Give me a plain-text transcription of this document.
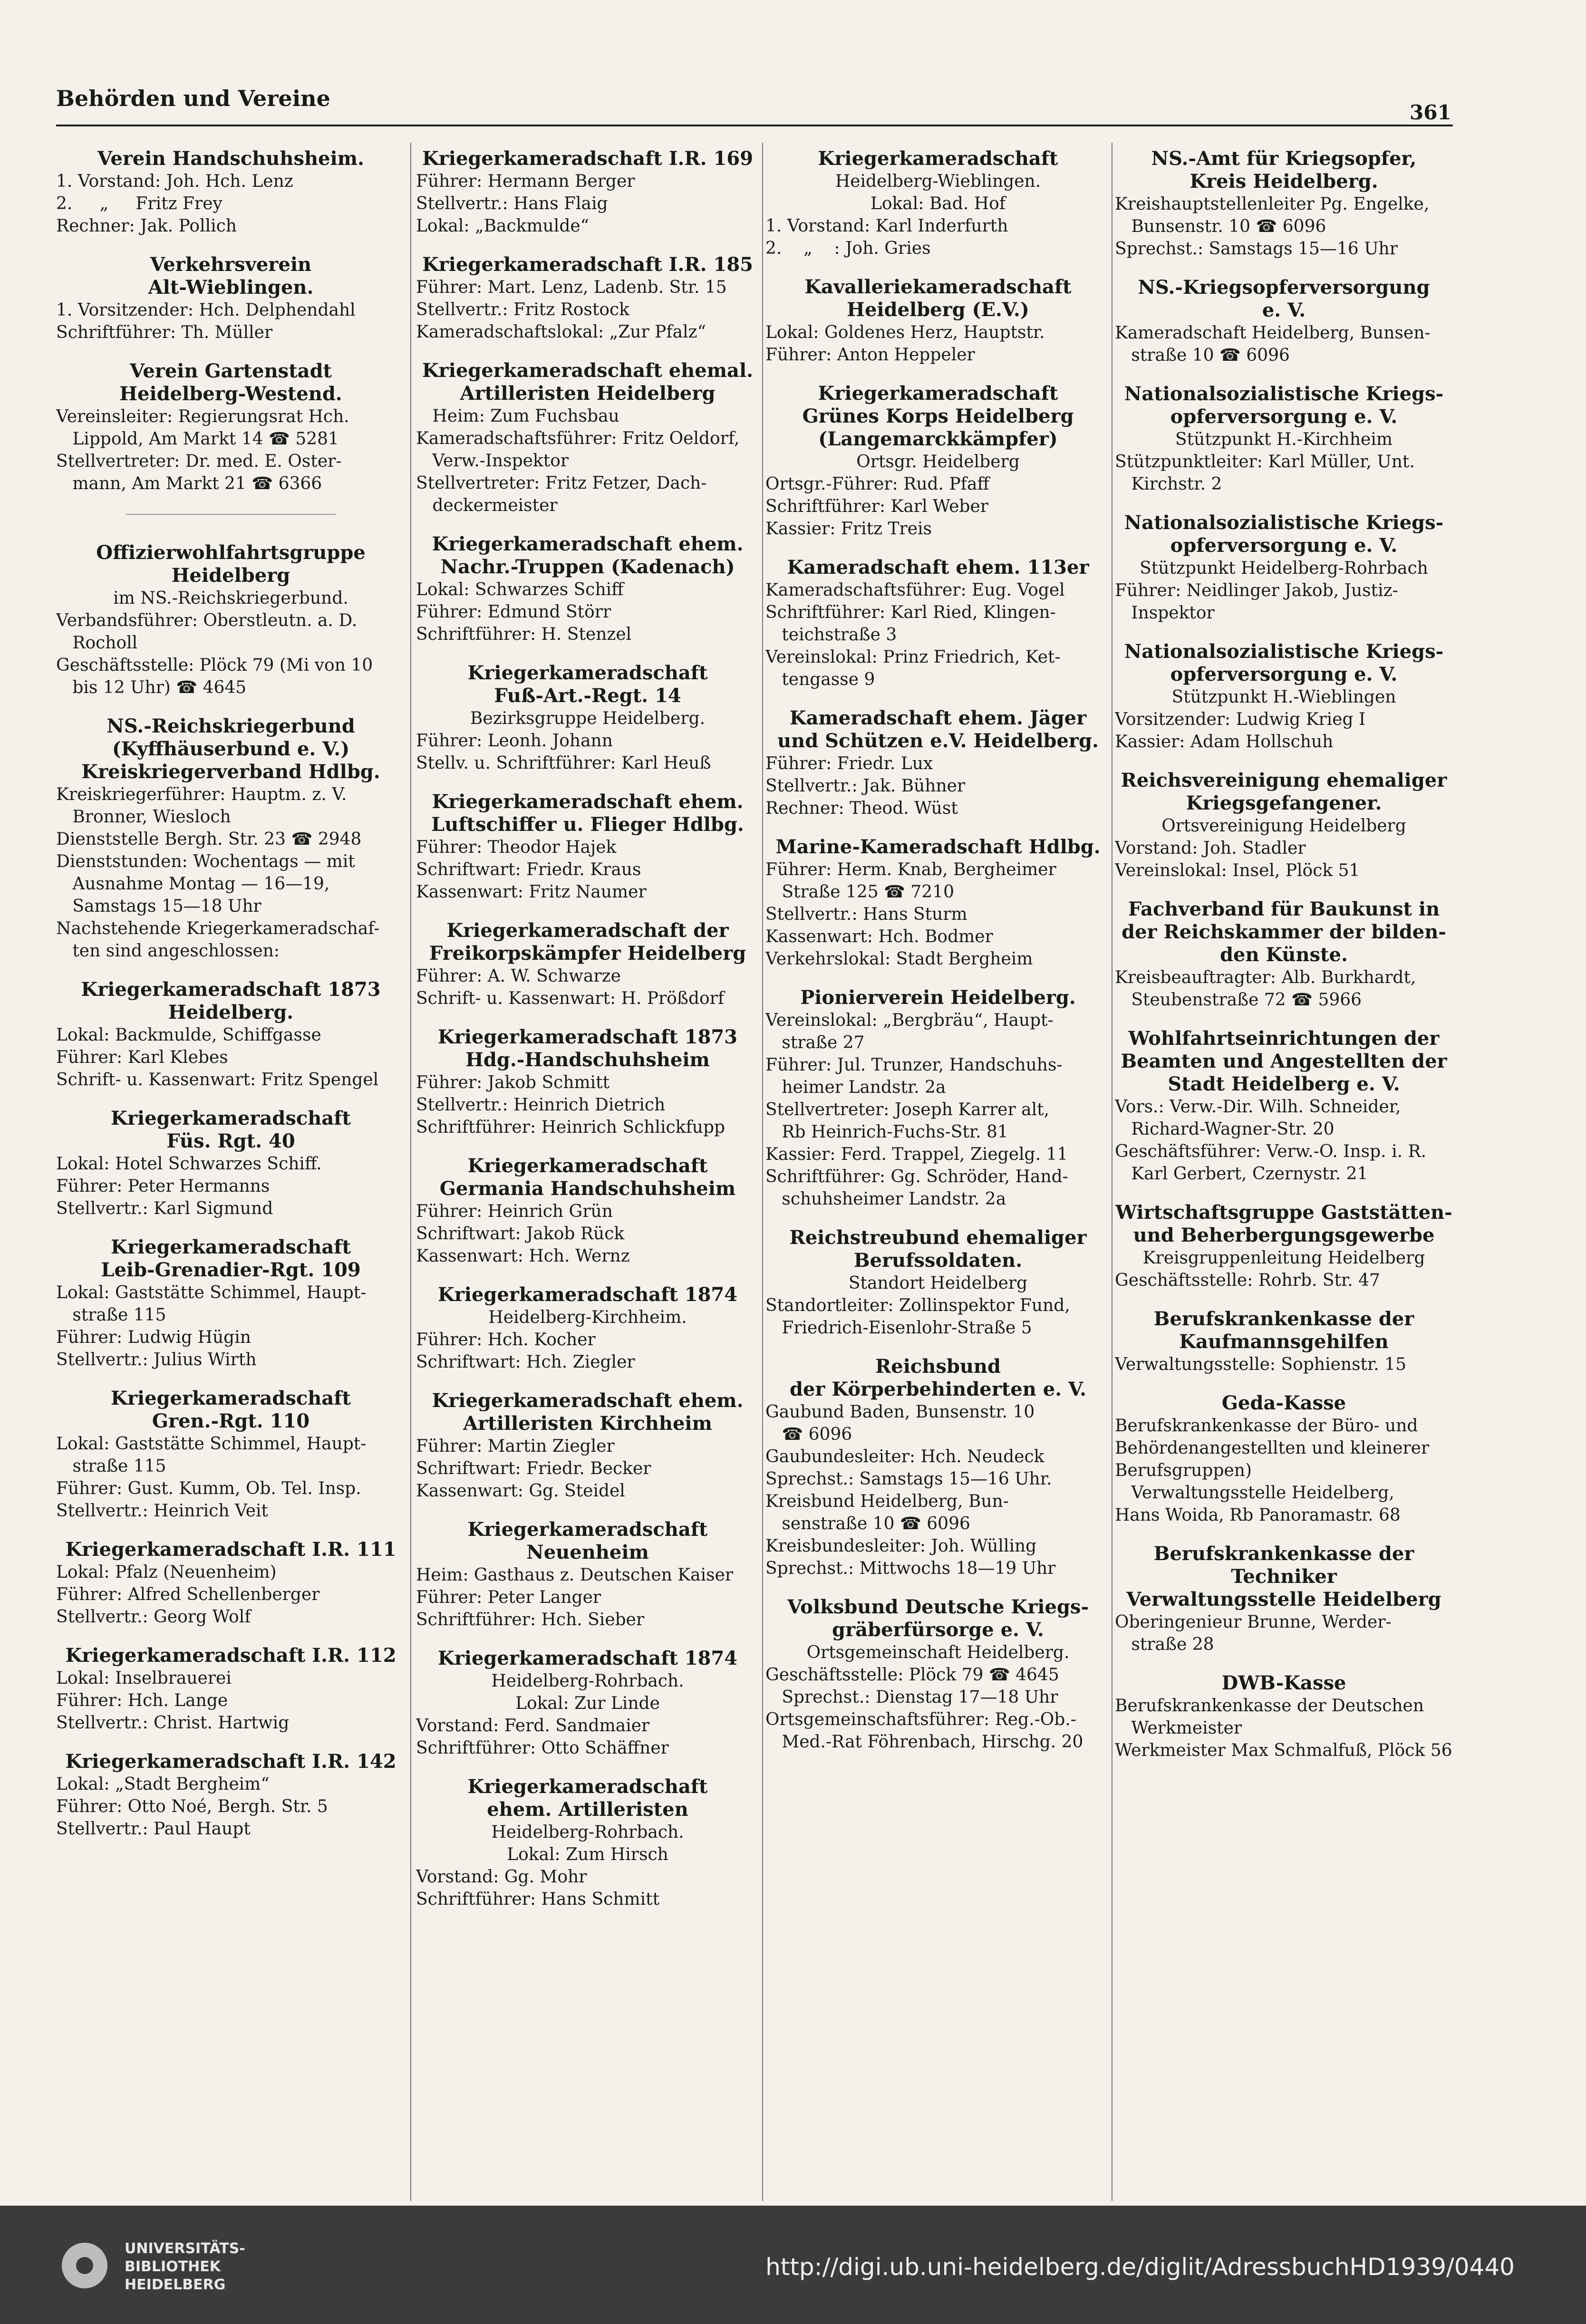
Behörden und Vereine
361
Verein Handschuhsheim.
1. Vorstand: Joh. Hch. Lenz
2.     „     Fritz Frey
Rechner: Jak. Pollich
Verkehrsverein
Alt-Wieblingen.
1. Vorsitzender: Hch. Delphendahl
Schriftführer: Th. Müller
Verein Gartenstadt
Heidelberg-Westend.
Vereinsleiter: Regierungsrat Hch.
Lippold, Am Markt 14 ☎ 5281
Stellvertreter: Dr. med. E. Oster-
mann, Am Markt 21 ☎ 6366
Offizierwohlfahrtsgruppe
Heidelberg
im NS.-Reichskriegerbund.
Verbandsführer: Oberstleutn. a. D.
Rocholl
Geschäftsstelle: Plöck 79 (Mi von 10
bis 12 Uhr) ☎ 4645
NS.-Reichskriegerbund
(Kyffhäuserbund e. V.)
Kreiskriegerverband Hdlbg.
Kreiskriegerführer: Hauptm. z. V.
Bronner, Wiesloch
Dienststelle Bergh. Str. 23 ☎ 2948
Dienststunden: Wochentags — mit
Ausnahme Montag — 16—19,
Samstags 15—18 Uhr
Nachstehende Kriegerkameradschaf-
ten sind angeschlossen:
Kriegerkameradschaft 1873
Heidelberg.
Lokal: Backmulde, Schiffgasse
Führer: Karl Klebes
Schrift- u. Kassenwart: Fritz Spengel
Kriegerkameradschaft
Füs. Rgt. 40
Lokal: Hotel Schwarzes Schiff.
Führer: Peter Hermanns
Stellvertr.: Karl Sigmund
Kriegerkameradschaft
Leib-Grenadier-Rgt. 109
Lokal: Gaststätte Schimmel, Haupt-
straße 115
Führer: Ludwig Hügin
Stellvertr.: Julius Wirth
Kriegerkameradschaft
Gren.-Rgt. 110
Lokal: Gaststätte Schimmel, Haupt-
straße 115
Führer: Gust. Kumm, Ob. Tel. Insp.
Stellvertr.: Heinrich Veit
Kriegerkameradschaft I.R. 111
Lokal: Pfalz (Neuenheim)
Führer: Alfred Schellenberger
Stellvertr.: Georg Wolf
Kriegerkameradschaft I.R. 112
Lokal: Inselbrauerei
Führer: Hch. Lange
Stellvertr.: Christ. Hartwig
Kriegerkameradschaft I.R. 142
Lokal: „Stadt Bergheim“
Führer: Otto Noé, Bergh. Str. 5
Stellvertr.: Paul Haupt
Kriegerkameradschaft I.R. 169
Führer: Hermann Berger
Stellvertr.: Hans Flaig
Lokal: „Backmulde“
Kriegerkameradschaft I.R. 185
Führer: Mart. Lenz, Ladenb. Str. 15
Stellvertr.: Fritz Rostock
Kameradschaftslokal: „Zur Pfalz“
Kriegerkameradschaft ehemal.
Artilleristen Heidelberg
Heim: Zum Fuchsbau
Kameradschaftsführer: Fritz Oeldorf,
Verw.-Inspektor
Stellvertreter: Fritz Fetzer, Dach-
deckermeister
Kriegerkameradschaft ehem.
Nachr.-Truppen (Kadenach)
Lokal: Schwarzes Schiff
Führer: Edmund Störr
Schriftführer: H. Stenzel
Kriegerkameradschaft
Fuß-Art.-Regt. 14
Bezirksgruppe Heidelberg.
Führer: Leonh. Johann
Stellv. u. Schriftführer: Karl Heuß
Kriegerkameradschaft ehem.
Luftschiffer u. Flieger Hdlbg.
Führer: Theodor Hajek
Schriftwart: Friedr. Kraus
Kassenwart: Fritz Naumer
Kriegerkameradschaft der
Freikorpskämpfer Heidelberg
Führer: A. W. Schwarze
Schrift- u. Kassenwart: H. Prößdorf
Kriegerkameradschaft 1873
Hdg.-Handschuhsheim
Führer: Jakob Schmitt
Stellvertr.: Heinrich Dietrich
Schriftführer: Heinrich Schlickfupp
Kriegerkameradschaft
Germania Handschuhsheim
Führer: Heinrich Grün
Schriftwart: Jakob Rück
Kassenwart: Hch. Wernz
Kriegerkameradschaft 1874
Heidelberg-Kirchheim.
Führer: Hch. Kocher
Schriftwart: Hch. Ziegler
Kriegerkameradschaft ehem.
Artilleristen Kirchheim
Führer: Martin Ziegler
Schriftwart: Friedr. Becker
Kassenwart: Gg. Steidel
Kriegerkameradschaft
Neuenheim
Heim: Gasthaus z. Deutschen Kaiser
Führer: Peter Langer
Schriftführer: Hch. Sieber
Kriegerkameradschaft 1874
Heidelberg-Rohrbach.
Lokal: Zur Linde
Vorstand: Ferd. Sandmaier
Schriftführer: Otto Schäffner
Kriegerkameradschaft
ehem. Artilleristen
Heidelberg-Rohrbach.
Lokal: Zum Hirsch
Vorstand: Gg. Mohr
Schriftführer: Hans Schmitt
Kriegerkameradschaft
Heidelberg-Wieblingen.
Lokal: Bad. Hof
1. Vorstand: Karl Inderfurth
2.    „    : Joh. Gries
Kavalleriekameradschaft
Heidelberg (E.V.)
Lokal: Goldenes Herz, Hauptstr.
Führer: Anton Heppeler
Kriegerkameradschaft
Grünes Korps Heidelberg
(Langemarckkämpfer)
Ortsgr. Heidelberg
Ortsgr.-Führer: Rud. Pfaff
Schriftführer: Karl Weber
Kassier: Fritz Treis
Kameradschaft ehem. 113er
Kameradschaftsführer: Eug. Vogel
Schriftführer: Karl Ried, Klingen-
teichstraße 3
Vereinslokal: Prinz Friedrich, Ket-
tengasse 9
Kameradschaft ehem. Jäger
und Schützen e.V. Heidelberg.
Führer: Friedr. Lux
Stellvertr.: Jak. Bühner
Rechner: Theod. Wüst
Marine-Kameradschaft Hdlbg.
Führer: Herm. Knab, Bergheimer
Straße 125 ☎ 7210
Stellvertr.: Hans Sturm
Kassenwart: Hch. Bodmer
Verkehrslokal: Stadt Bergheim
Pionierverein Heidelberg.
Vereinslokal: „Bergbräu“, Haupt-
straße 27
Führer: Jul. Trunzer, Handschuhs-
heimer Landstr. 2a
Stellvertreter: Joseph Karrer alt,
Rb Heinrich-Fuchs-Str. 81
Kassier: Ferd. Trappel, Ziegelg. 11
Schriftführer: Gg. Schröder, Hand-
schuhsheimer Landstr. 2a
Reichstreubund ehemaliger
Berufssoldaten.
Standort Heidelberg
Standortleiter: Zollinspektor Fund,
Friedrich-Eisenlohr-Straße 5
Reichsbund
der Körperbehinderten e. V.
Gaubund Baden, Bunsenstr. 10
☎ 6096
Gaubundesleiter: Hch. Neudeck
Sprechst.: Samstags 15—16 Uhr.
Kreisbund Heidelberg, Bun-
senstraße 10 ☎ 6096
Kreisbundesleiter: Joh. Wülling
Sprechst.: Mittwochs 18—19 Uhr
Volksbund Deutsche Kriegs-
gräberfürsorge e. V.
Ortsgemeinschaft Heidelberg.
Geschäftsstelle: Plöck 79 ☎ 4645
Sprechst.: Dienstag 17—18 Uhr
Ortsgemeinschaftsführer: Reg.-Ob.-
Med.-Rat Föhrenbach, Hirschg. 20
NS.-Amt für Kriegsopfer,
Kreis Heidelberg.
Kreishauptstellenleiter Pg. Engelke,
Bunsenstr. 10 ☎ 6096
Sprechst.: Samstags 15—16 Uhr
NS.-Kriegsopferversorgung
e. V.
Kameradschaft Heidelberg, Bunsen-
straße 10 ☎ 6096
Nationalsozialistische Kriegs-
opferversorgung e. V.
Stützpunkt H.-Kirchheim
Stützpunktleiter: Karl Müller, Unt.
Kirchstr. 2
Nationalsozialistische Kriegs-
opferversorgung e. V.
Stützpunkt Heidelberg-Rohrbach
Führer: Neidlinger Jakob, Justiz-
Inspektor
Nationalsozialistische Kriegs-
opferversorgung e. V.
Stützpunkt H.-Wieblingen
Vorsitzender: Ludwig Krieg I
Kassier: Adam Hollschuh
Reichsvereinigung ehemaliger
Kriegsgefangener.
Ortsvereinigung Heidelberg
Vorstand: Joh. Stadler
Vereinslokal: Insel, Plöck 51
Fachverband für Baukunst in
der Reichskammer der bilden-
den Künste.
Kreisbeauftragter: Alb. Burkhardt,
Steubenstraße 72 ☎ 5966
Wohlfahrtseinrichtungen der
Beamten und Angestellten der
Stadt Heidelberg e. V.
Vors.: Verw.-Dir. Wilh. Schneider,
Richard-Wagner-Str. 20
Geschäftsführer: Verw.-O. Insp. i. R.
Karl Gerbert, Czernystr. 21
Wirtschaftsgruppe Gaststätten-
und Beherbergungsgewerbe
Kreisgruppenleitung Heidelberg
Geschäftsstelle: Rohrb. Str. 47
Berufskrankenkasse der
Kaufmannsgehilfen
Verwaltungsstelle: Sophienstr. 15
Geda-Kasse
Berufskrankenkasse der Büro- und
Behördenangestellten und kleinerer
Berufsgruppen)
Verwaltungsstelle Heidelberg,
Hans Woida, Rb Panoramastr. 68
Berufskrankenkasse der
Techniker
Verwaltungsstelle Heidelberg
Oberingenieur Brunne, Werder-
straße 28
DWB-Kasse
Berufskrankenkasse der Deutschen
Werkmeister
Werkmeister Max Schmalfuß, Plöck 56
UNIVERSITÄTS-
BIBLIOTHEK
HEIDELBERG
http://digi.ub.uni-heidelberg.de/diglit/AdressbuchHD1939/0440
